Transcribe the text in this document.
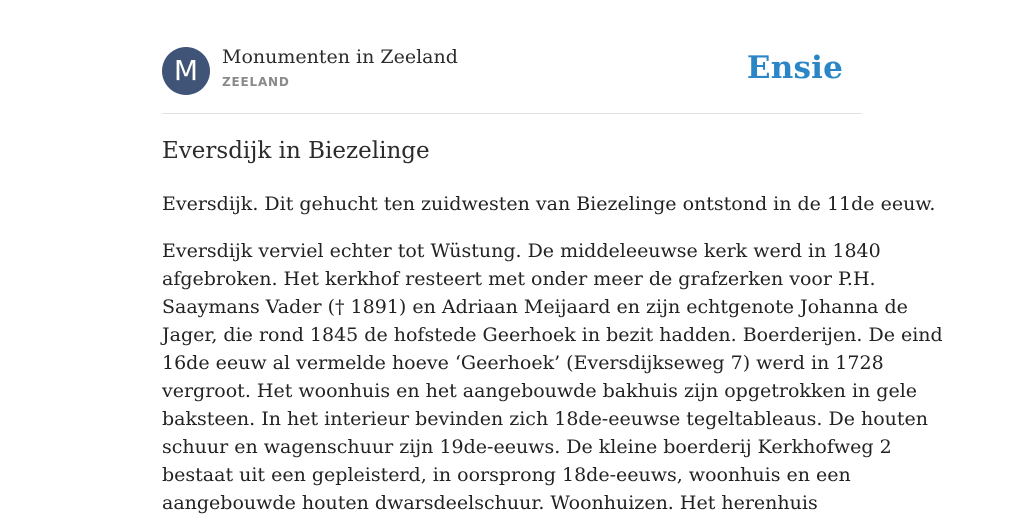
M	Monumenten in Zeeland
ZEELAND	Ensie
Eversdijk in Biezelinge

Eversdijk. Dit gehucht ten zuidwesten van Biezelinge ontstond in de 11de eeuw.

Eversdijk verviel echter tot Wüstung. De middeleeuwse kerk werd in 1840
afgebroken. Het kerkhof resteert met onder meer de grafzerken voor P.H.
Saaymans Vader († 1891) en Adriaan Meijaard en zijn echtgenote Johanna de
Jager, die rond 1845 de hofstede Geerhoek in bezit hadden. Boerderijen. De eind
16de eeuw al vermelde hoeve ‘Geerhoek’ (Eversdijkseweg 7) werd in 1728
vergroot. Het woonhuis en het aangebouwde bakhuis zijn opgetrokken in gele
baksteen. In het interieur bevinden zich 18de-eeuwse tegeltableaus. De houten
schuur en wagenschuur zijn 19de-eeuws. De kleine boerderij Kerkhofweg 2
bestaat uit een gepleisterd, in oorsprong 18de-eeuws, woonhuis en een
aangebouwde houten dwarsdeelschuur. Woonhuizen. Het herenhuis
